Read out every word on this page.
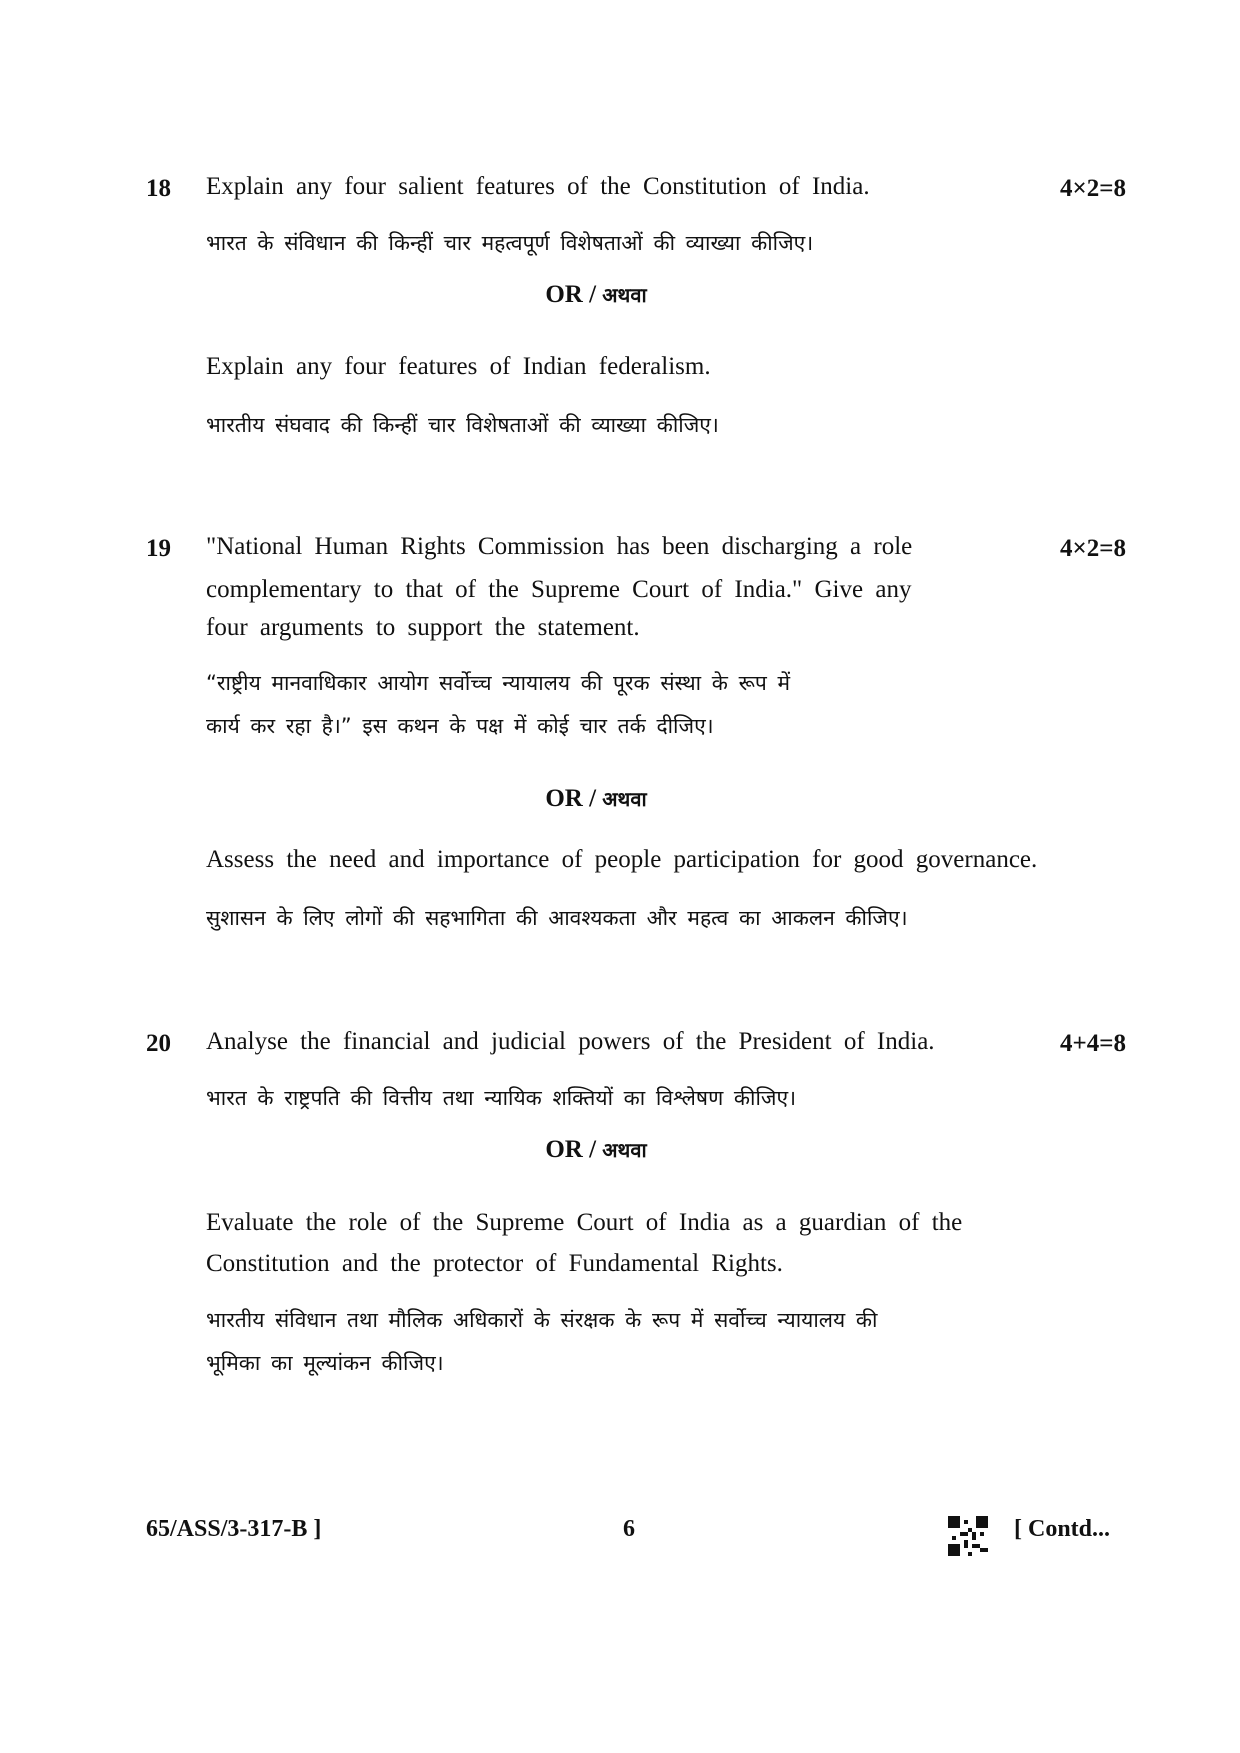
18	4×2=8
Explain any four salient features of the Constitution of India.
भारत के संविधान की किन्हीं चार महत्वपूर्ण विशेषताओं की व्याख्या कीजिए।
OR / अथवा
Explain any four features of Indian federalism.
भारतीय संघवाद की किन्हीं चार विशेषताओं की व्याख्या कीजिए।
19	4×2=8
"National Human Rights Commission has been discharging a role
complementary to that of the Supreme Court of India." Give any
four arguments to support the statement.
“राष्ट्रीय मानवाधिकार आयोग सर्वोच्च न्यायालय की पूरक संस्था के रूप में
कार्य कर रहा है।” इस कथन के पक्ष में कोई चार तर्क दीजिए।
OR / अथवा
Assess the need and importance of people participation for good governance.
सुशासन के लिए लोगों की सहभागिता की आवश्यकता और महत्व का आकलन कीजिए।
20	4+4=8
Analyse the financial and judicial powers of the President of India.
भारत के राष्ट्रपति की वित्तीय तथा न्यायिक शक्तियों का विश्लेषण कीजिए।
OR / अथवा
Evaluate the role of the Supreme Court of India as a guardian of the
Constitution and the protector of Fundamental Rights.
भारतीय संविधान तथा मौलिक अधिकारों के संरक्षक के रूप में सर्वोच्च न्यायालय की
भूमिका का मूल्यांकन कीजिए।
65/ASS/3-317-B ]	6	[ Contd...
